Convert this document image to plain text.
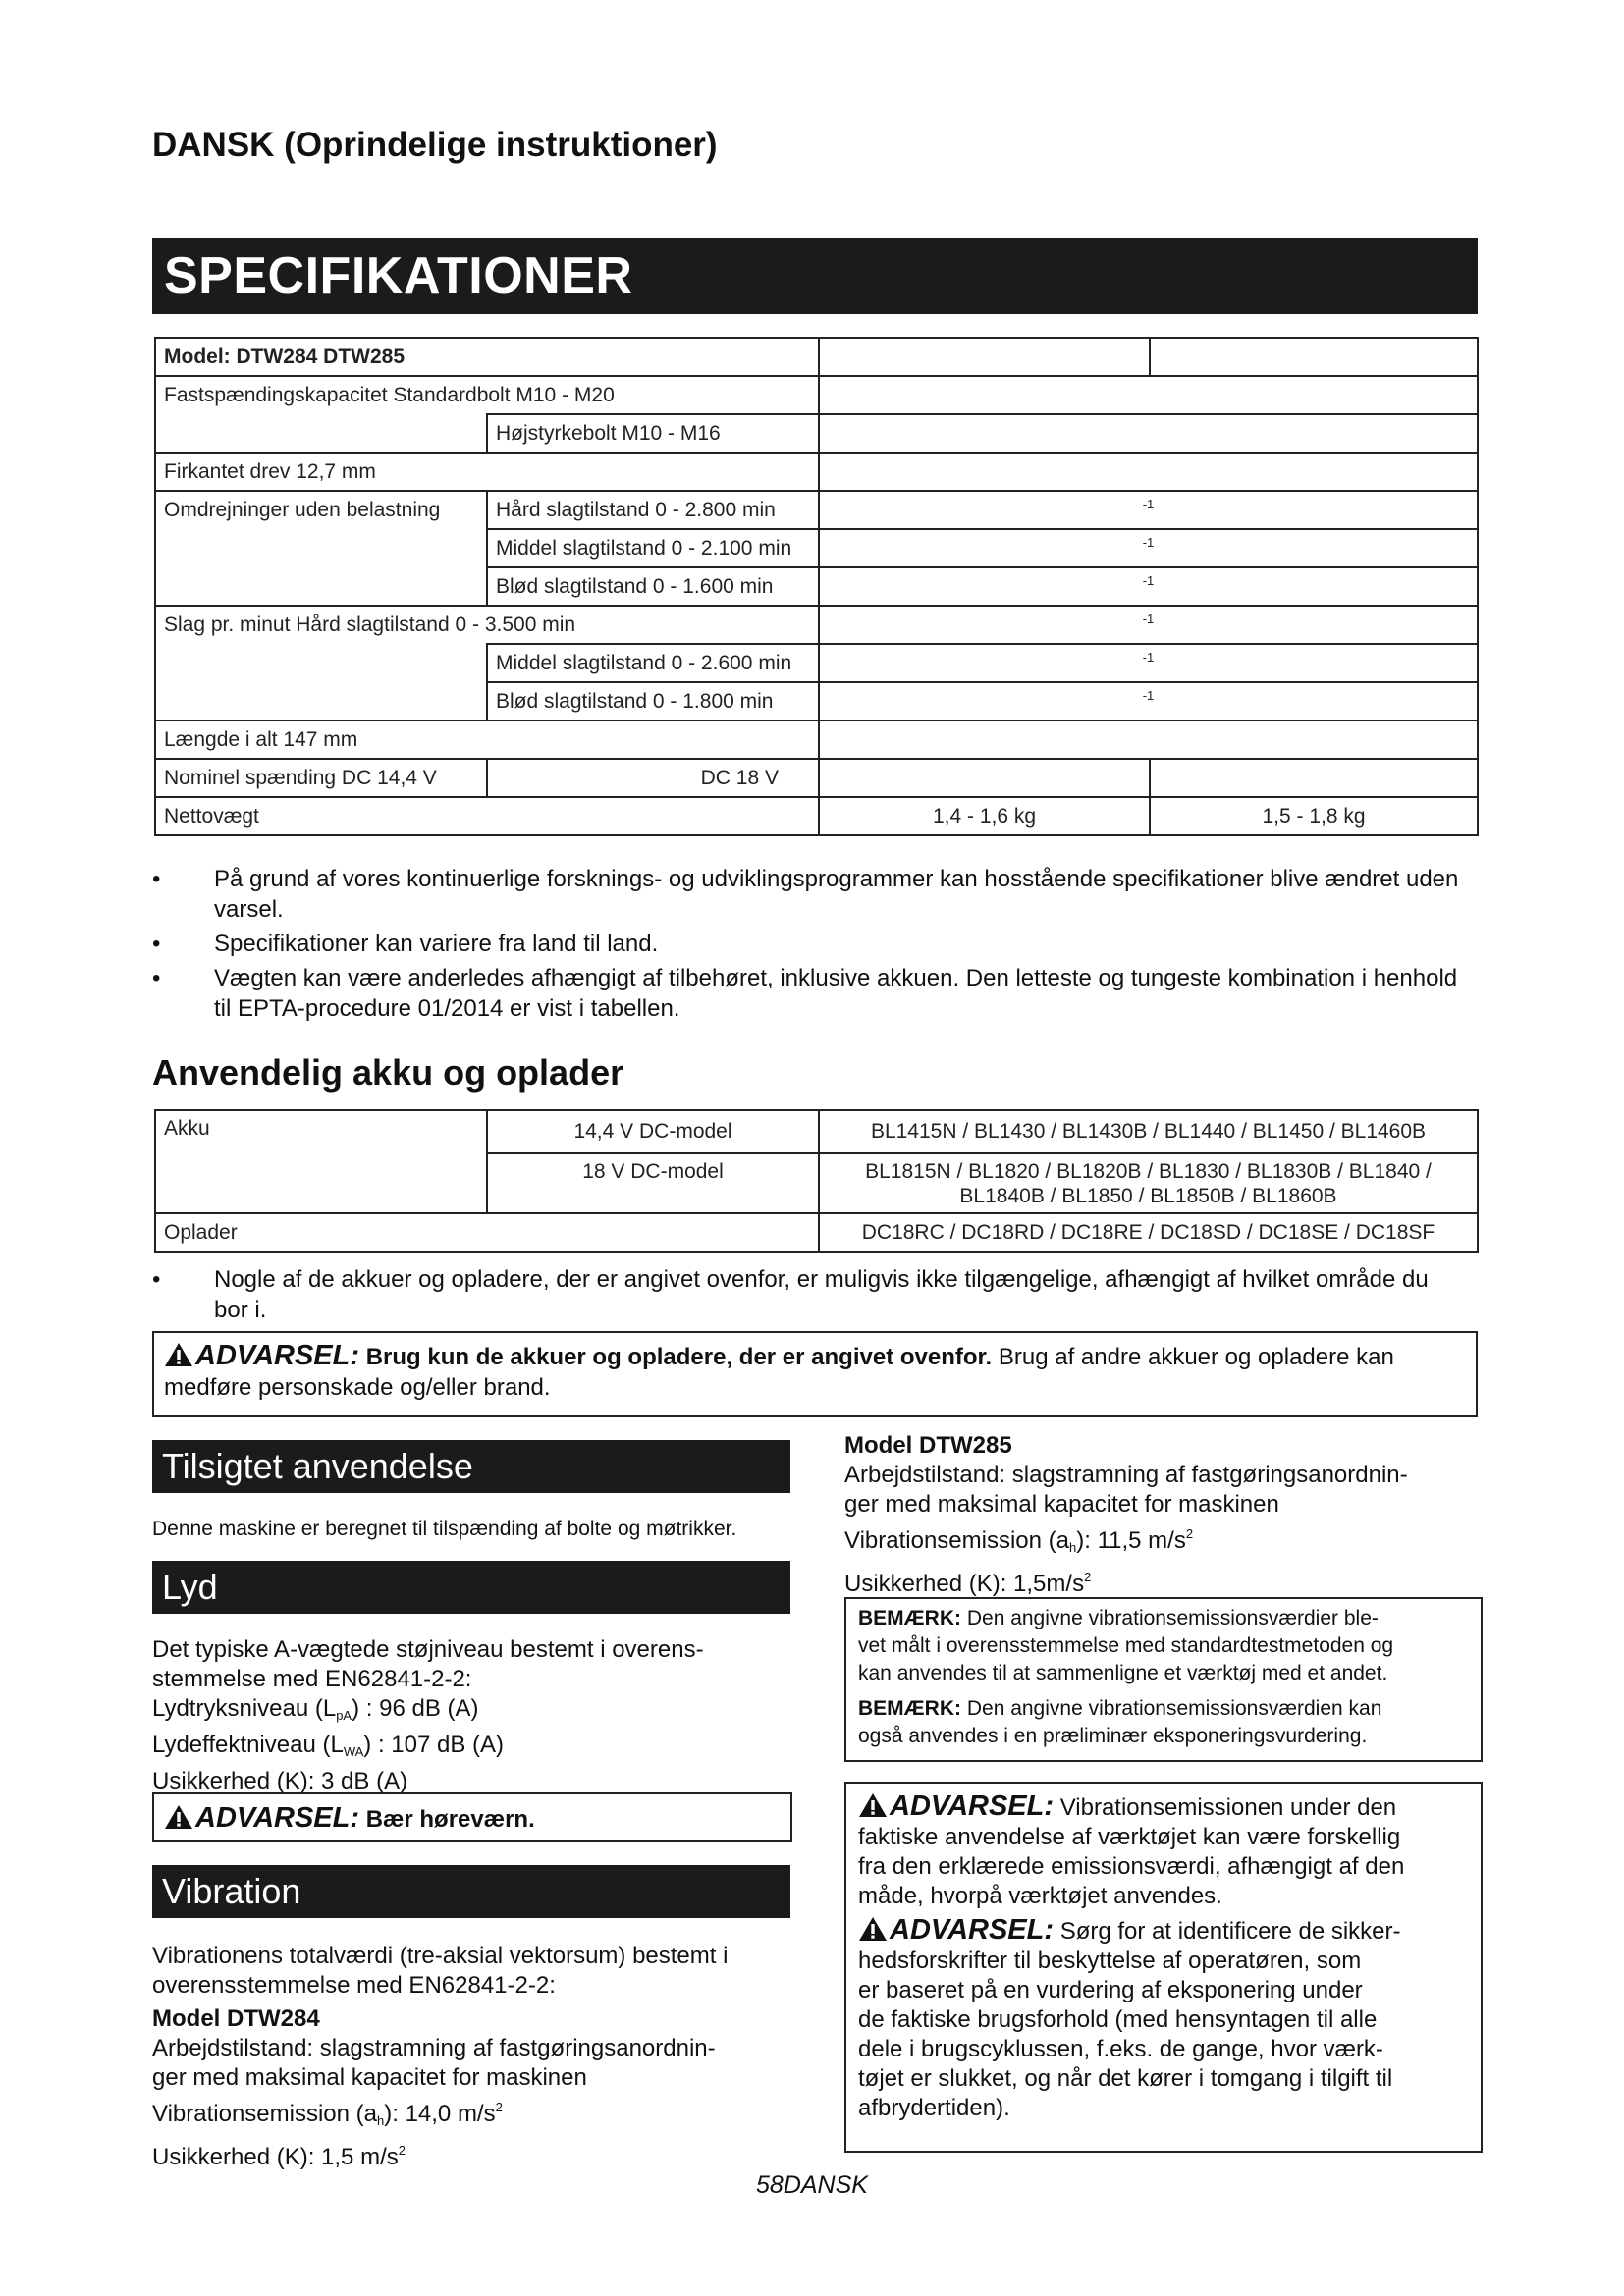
DANSK (Oprindelige instruktioner)
SPECIFIKATIONER
Model: DTW284 DTW285			
Fastspændingskapacitet Standardbolt M10 - M20			
	Højstyrkebolt M10 - M16		
Firkantet drev 12,7 mm			
Omdrejninger uden belastning	Hård slagtilstand 0 - 2.800 min	$^{-1}$
	Middel slagtilstand 0 - 2.100 min	$^{-1}$
	Blød slagtilstand 0 - 1.600 min	$^{-1}$
Slag pr. minut Hård slagtilstand 0 - 3.500 min		$^{-1}$
	Middel slagtilstand 0 - 2.600 min	$^{-1}$
	Blød slagtilstand 0 - 1.800 min	$^{-1}$
Længde i alt 147 mm			
Nominel spænding DC 14,4 V	DC 18 V		
Nettovægt		1,4 - 1,6 kg	1,5 - 1,8 kg
• På grund af vores kontinuerlige forsknings- og udviklingsprogrammer kan hosstående specifikationer blive ændret uden varsel.
• Specifikationer kan variere fra land til land.
• Vægten kan være anderledes afhængigt af tilbehøret, inklusive akkuen. Den letteste og tungeste kombination i henhold til EPTA-procedure 01/2014 er vist i tabellen.
Anvendelig akku og oplader
Akku	14,4 V DC-model	BL1415N / BL1430 / BL1430B / BL1440 / BL1450 / BL1460B
	18 V DC-model	BL1815N / BL1820 / BL1820B / BL1830 / BL1830B / BL1840 /
BL1840B / BL1850 / BL1850B / BL1860B

Oplader		DC18RC / DC18RD / DC18RE / DC18SD / DC18SE / DC18SF
• Nogle af de akkuer og opladere, der er angivet ovenfor, er muligvis ikke tilgængelige, afhængigt af hvilket område du bor i.
ADVARSEL: Brug kun de akkuer og opladere, der er angivet ovenfor. Brug af andre akkuer og opladere kan medføre personskade og/eller brand.
Tilsigtet anvendelse
Denne maskine er beregnet til tilspænding af bolte og møtrikker.
Lyd
Det typiske A-vægtede støjniveau bestemt i overens-
stemmelse med EN62841-2-2:
Lydtryksniveau $(L_{pA})$ : 96 dB (A)
Lydeffektniveau $(L_{WA})$ : 107 dB (A)
Usikkerhed (K): 3 dB (A)
ADVARSEL: Bær høreværn.
Vibration
Vibrationens totalværdi (tre-aksial vektorsum) bestemt i
overensstemmelse med EN62841-2-2:
Model DTW284
Arbejdstilstand: slagstramning af fastgøringsanordnin-
ger med maksimal kapacitet for maskinen
Vibrationsemission $(a_h)$: 14,0 $m/s^2$
Usikkerhed (K): 1,5 $m/s^2$
Model DTW285
Arbejdstilstand: slagstramning af fastgøringsanordnin-
ger med maksimal kapacitet for maskinen
Vibrationsemission $(a_h)$: 11,5 $m/s^2$
Usikkerhed (K): $1,5m/s^2$
BEMÆRK: Den angivne vibrationsemissionsværdier ble-
vet målt i overensstemmelse med standardtestmetoden og
kan anvendes til at sammenligne et værktøj med et andet.
BEMÆRK: Den angivne vibrationsemissionsværdien kan
også anvendes i en præliminær eksponeringsvurdering.
ADVARSEL: Vibrationsemissionen under den
faktiske anvendelse af værktøjet kan være forskellig
fra den erklærede emissionsværdi, afhængigt af den
måde, hvorpå værktøjet anvendes.
ADVARSEL: Sørg for at identificere de sikker-
hedsforskrifter til beskyttelse af operatøren, som
er baseret på en vurdering af eksponering under
de faktiske brugsforhold (med hensyntagen til alle
dele i brugscyklussen, f.eks. de gange, hvor værk-
tøjet er slukket, og når det kører i tomgang i tilgift til
afbrydertiden).
58DANSK
